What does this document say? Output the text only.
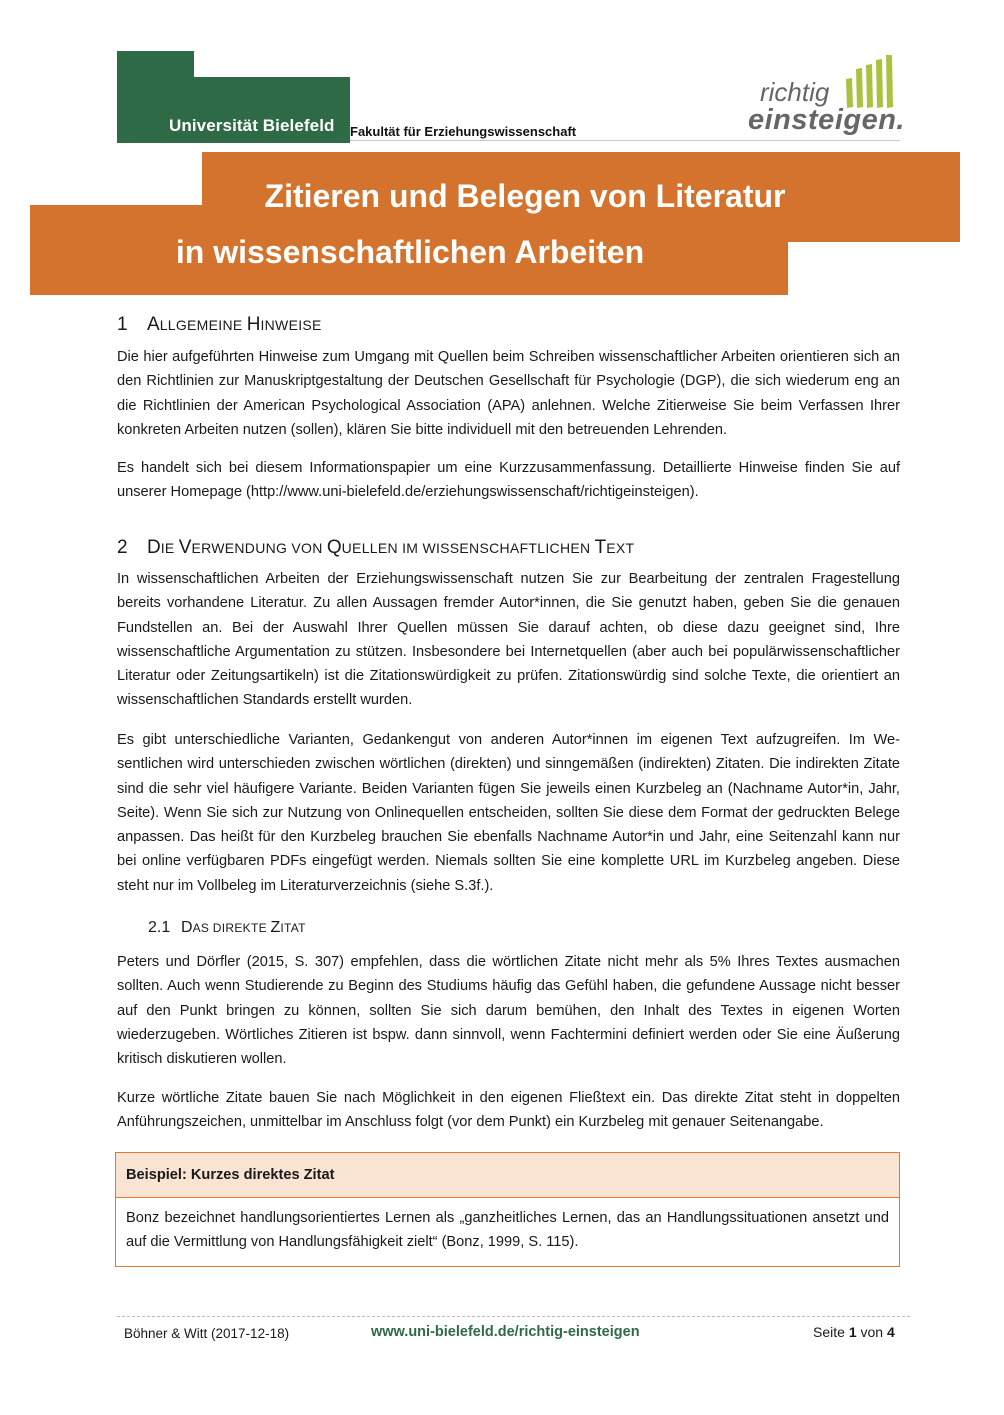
Universität Bielefeld Fakultät für Erziehungswissenschaft
richtig
einsteigen.
Zitieren und Belegen von Literatur
in wissenschaftlichen Arbeiten
1 ALLGEMEINE HINWEISE

Die hier aufgeführten Hinweise zum Umgang mit Quellen beim Schreiben wissenschaftlicher Arbeiten orientieren sich an den Richtlinien zur Manuskriptgestaltung der Deutschen Gesellschaft für Psychologie (DGP), die sich wiederum eng an die Richtlinien der American Psychological Association (APA) anlehnen. Welche Zitierweise Sie beim Verfassen Ihrer konkreten Arbeiten nutzen (sollen), klären Sie bitte individuell mit den betreuenden Lehrenden.

Es handelt sich bei diesem Informationspapier um eine Kurzzusammenfassung. Detaillierte Hinweise finden Sie auf unserer Homepage (http://www.uni-bielefeld.de/erziehungswissenschaft/richtigeinsteigen).

2 DIE VERWENDUNG VON QUELLEN IM WISSENSCHAFTLICHEN TEXT

In wissenschaftlichen Arbeiten der Erziehungswissenschaft nutzen Sie zur Bearbeitung der zentralen Fragestellung bereits vorhandene Literatur. Zu allen Aussagen fremder Autor*innen, die Sie genutzt haben, geben Sie die genauen Fundstellen an. Bei der Auswahl Ihrer Quellen müssen Sie darauf achten, ob diese dazu geeignet sind, Ihre wissenschaftliche Argumentation zu stützen. Insbesondere bei Internetquellen (aber auch bei populärwissenschaftlicher Literatur oder Zeitungsartikeln) ist die Zitationswürdigkeit zu prüfen. Zitationswürdig sind solche Texte, die orientiert an wissenschaftlichen Standards erstellt wurden.

Es gibt unterschiedliche Varianten, Gedankengut von anderen Autor*innen im eigenen Text aufzugreifen. Im Wesentlichen wird unterschieden zwischen wörtlichen (direkten) und sinngemäßen (indirekten) Zitaten. Die indirekten Zitate sind die sehr viel häufigere Variante. Beiden Varianten fügen Sie jeweils einen Kurzbeleg an (Nachname Autor*in, Jahr, Seite). Wenn Sie sich zur Nutzung von Onlinequellen entscheiden, sollten Sie diese dem Format der gedruckten Belege anpassen. Das heißt für den Kurzbeleg brauchen Sie ebenfalls Nachname Autor*in und Jahr, eine Seitenzahl kann nur bei online verfügbaren PDFs eingefügt werden. Niemals sollten Sie eine komplette URL im Kurzbeleg angeben. Diese steht nur im Vollbeleg im Literaturverzeichnis (siehe S.3f.).

2.1 DAS DIREKTE ZITAT

Peters und Dörfler (2015, S. 307) empfehlen, dass die wörtlichen Zitate nicht mehr als 5% Ihres Textes ausmachen sollten. Auch wenn Studierende zu Beginn des Studiums häufig das Gefühl haben, die gefundene Aussage nicht besser auf den Punkt bringen zu können, sollten Sie sich darum bemühen, den Inhalt des Textes in eigenen Worten wiederzugeben. Wörtliches Zitieren ist bspw. dann sinnvoll, wenn Fachtermini definiert werden oder Sie eine Äußerung kritisch diskutieren wollen.

Kurze wörtliche Zitate bauen Sie nach Möglichkeit in den eigenen Fließtext ein. Das direkte Zitat steht in doppelten Anführungszeichen, unmittelbar im Anschluss folgt (vor dem Punkt) ein Kurzbeleg mit genauer Seitenangabe.

Beispiel: Kurzes direktes Zitat
Bonz bezeichnet handlungsorientiertes Lernen als „ganzheitliches Lernen, das an Handlungssituationen ansetzt und auf die Vermittlung von Handlungsfähigkeit zielt“ (Bonz, 1999, S. 115).
Böhner & Witt (2017-12-18)	www.uni-bielefeld.de/richtig-einsteigen	Seite 1 von 4
